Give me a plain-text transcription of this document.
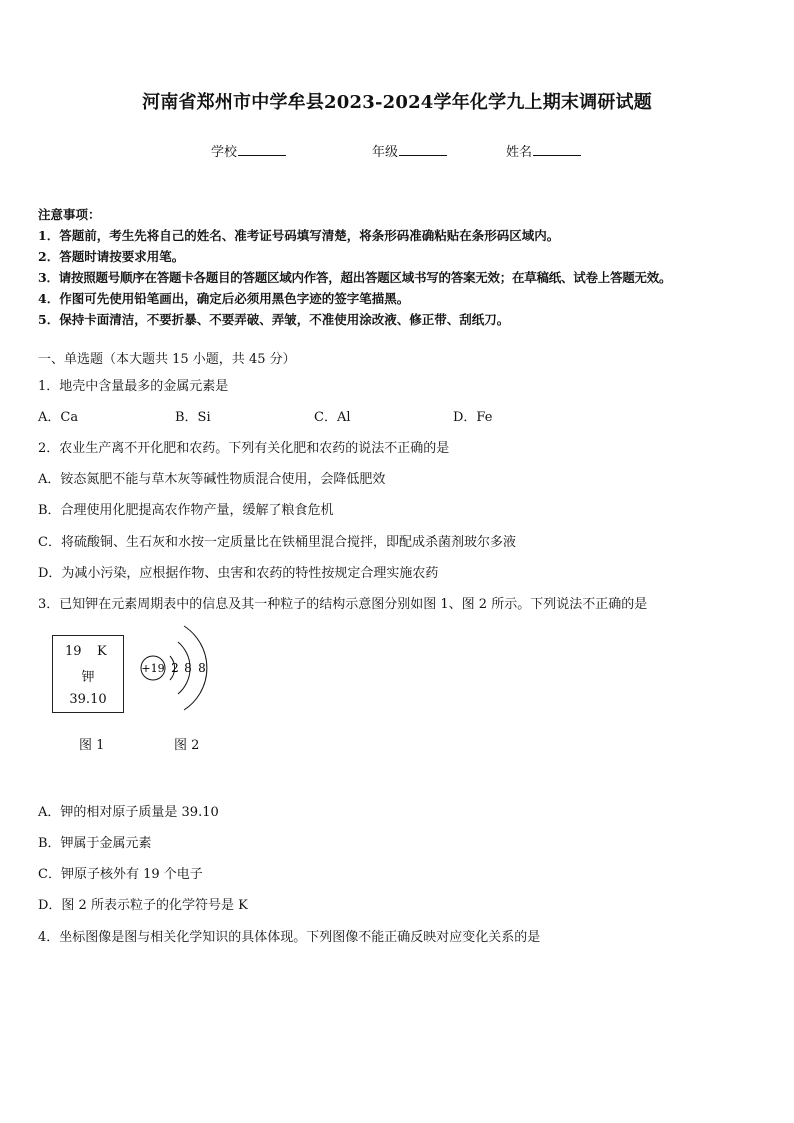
河南省郑州市中学牟县2023-2024学年化学九上期末调研试题
学校	年级	姓名
注意事项：
1．答题前，考生先将自己的姓名、准考证号码填写清楚，将条形码准确粘贴在条形码区域内。
2．答题时请按要求用笔。
3．请按照题号顺序在答题卡各题目的答题区域内作答，超出答题区域书写的答案无效；在草稿纸、试卷上答题无效。
4．作图可先使用铅笔画出，确定后必须用黑色字迹的签字笔描黑。
5．保持卡面清洁，不要折暴、不要弄破、弄皱，不准使用涂改液、修正带、刮纸刀。
一、单选题（本大题共 15 小题，共 45 分）
1．地壳中含量最多的金属元素是
A．Ca	B．Si	C．Al	D．Fe
2．农业生产离不开化肥和农药。下列有关化肥和农药的说法不正确的是
A．铵态氮肥不能与草木灰等碱性物质混合使用，会降低肥效
B．合理使用化肥提高农作物产量，缓解了粮食危机
C．将硫酸铜、生石灰和水按一定质量比在铁桶里混合搅拌，即配成杀菌剂玻尔多液
D．为减小污染，应根据作物、虫害和农药的特性按规定合理实施农药
3．已知钾在元素周期表中的信息及其一种粒子的结构示意图分别如图 1、图 2 所示。下列说法不正确的是
19 K
钾
39.10
+19 2 8 8
图 1	图 2
A．钾的相对原子质量是 39.10
B．钾属于金属元素
C．钾原子核外有 19 个电子
D．图 2 所表示粒子的化学符号是 K
4．坐标图像是图与相关化学知识的具体体现。下列图像不能正确反映对应变化关系的是
